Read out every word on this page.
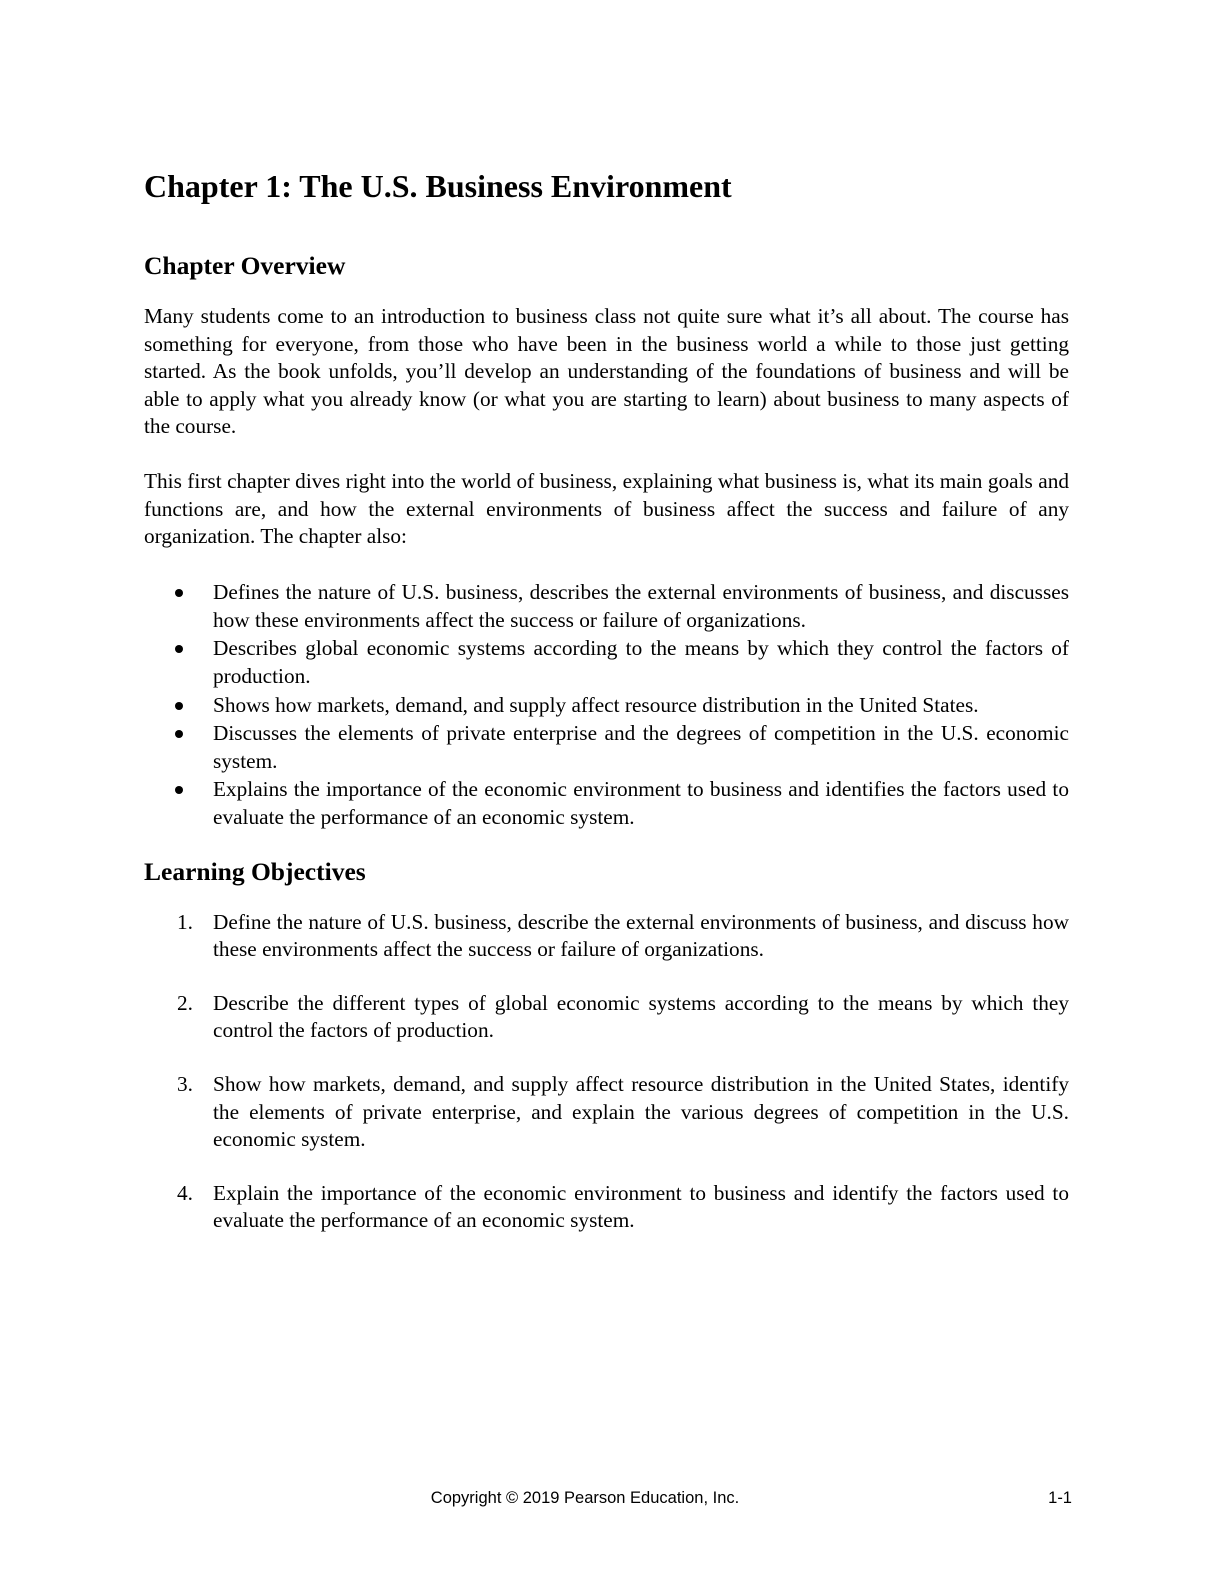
Chapter 1: The U.S. Business Environment
Chapter Overview

Many students come to an introduction to business class not quite sure what it’s all about. The course has something for everyone, from those who have been in the business world a while to those just getting started. As the book unfolds, you’ll develop an understanding of the foundations of business and will be able to apply what you already know (or what you are starting to learn) about business to many aspects of the course.

This first chapter dives right into the world of business, explaining what business is, what its main goals and functions are, and how the external environments of business affect the success and failure of any organization. The chapter also:

Defines the nature of U.S. business, describes the external environments of business, and discusses how these environments affect the success or failure of organizations.
Describes global economic systems according to the means by which they control the factors of production.
Shows how markets, demand, and supply affect resource distribution in the United States.
Discusses the elements of private enterprise and the degrees of competition in the U.S. economic system.
Explains the importance of the economic environment to business and identifies the factors used to evaluate the performance of an economic system.
Learning Objectives
1. Define the nature of U.S. business, describe the external environments of business, and discuss how these environments affect the success or failure of organizations.
2. Describe the different types of global economic systems according to the means by which they control the factors of production.
3. Show how markets, demand, and supply affect resource distribution in the United States, identify the elements of private enterprise, and explain the various degrees of competition in the U.S. economic system.
4. Explain the importance of the economic environment to business and identify the factors used to evaluate the performance of an economic system.
Copyright © 2019 Pearson Education, Inc.	1-1
